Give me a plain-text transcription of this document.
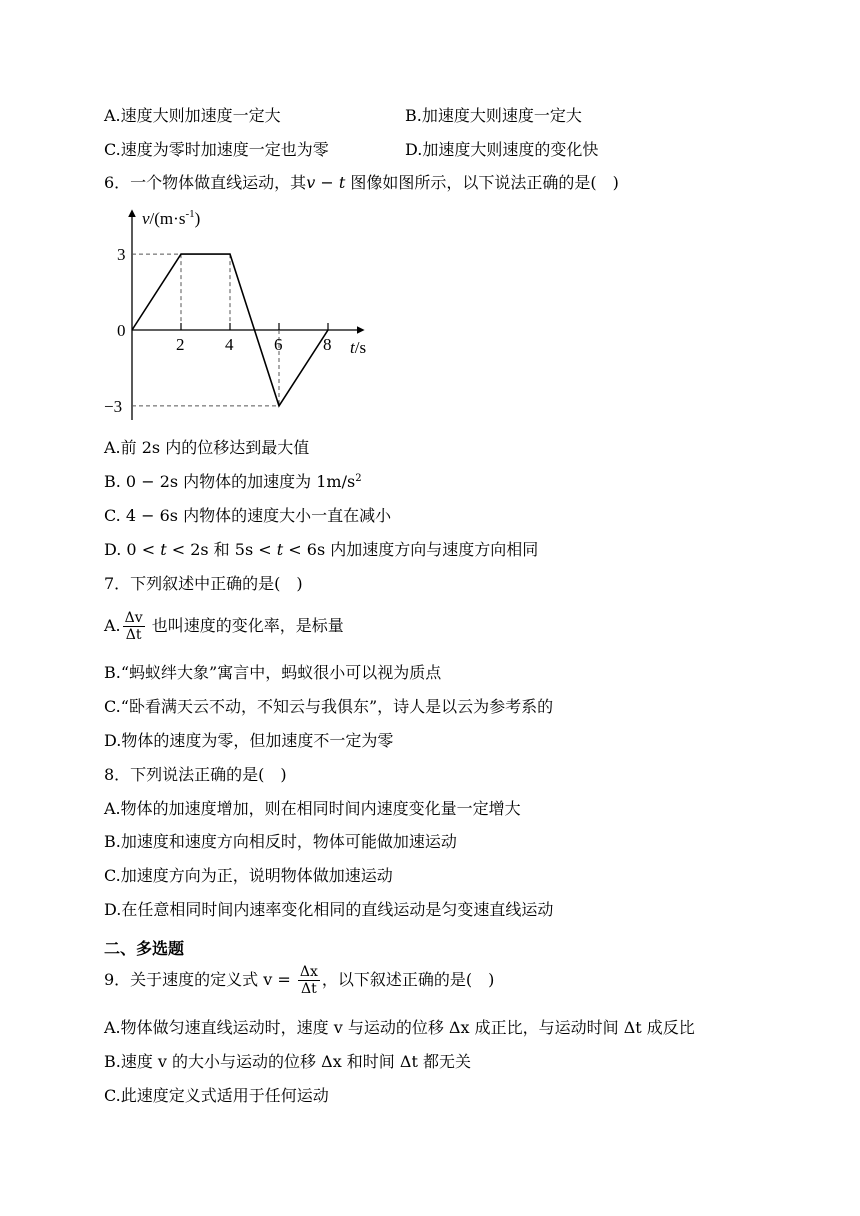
A.速度大则加速度一定大	B.加速度大则速度一定大
C.速度为零时加速度一定也为零	D.加速度大则速度的变化快
6．一个物体做直线运动，其v − t 图像如图所示，以下说法正确的是(　)
$v/(m\cdot s^{-1})$
t/s
2 4 6 8
3
0
−3
A.前 2s 内的位移达到最大值
B. 0 − 2s 内物体的加速度为 $1m/s^2$
C. 4 − 6s 内物体的速度大小一直在减小
D. 0 < t < 2s 和 5s < t < 6s 内加速度方向与速度方向相同
7．下列叙述中正确的是(　)
A. $\frac{\Delta v}{\Delta t}$ 也叫速度的变化率，是标量
B.“蚂蚁绊大象”寓言中，蚂蚁很小可以视为质点
C.“卧看满天云不动，不知云与我俱东”，诗人是以云为参考系的
D.物体的速度为零，但加速度不一定为零
8．下列说法正确的是(　)
A.物体的加速度增加，则在相同时间内速度变化量一定增大
B.加速度和速度方向相反时，物体可能做加速运动
C.加速度方向为正，说明物体做加速运动
D.在任意相同时间内速率变化相同的直线运动是匀变速直线运动
二、多选题
9．关于速度的定义式 $v = \frac{\Delta x}{\Delta t}$ ，以下叙述正确的是(　)
A.物体做匀速直线运动时，速度 v 与运动的位移 Δx 成正比，与运动时间 Δt 成反比
B.速度 v 的大小与运动的位移 Δx 和时间 Δt 都无关
C.此速度定义式适用于任何运动
